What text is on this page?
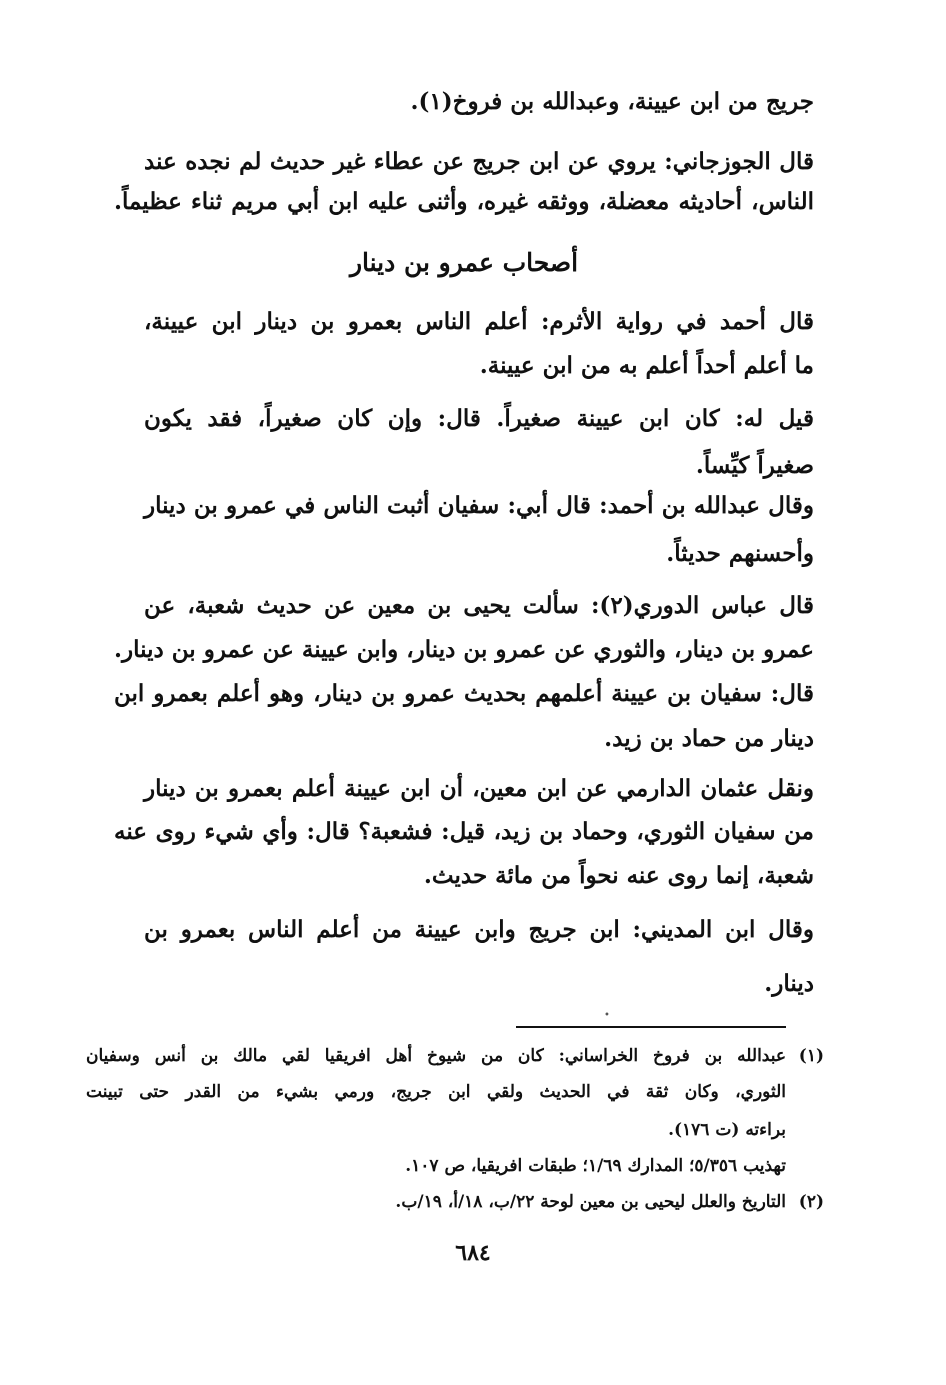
جريج من ابن عيينة، وعبدالله بن فروخ(١).
قال الجوزجاني: يروي عن ابن جريج عن عطاء غير حديث لم نجده عند
الناس، أحاديثه معضلة، ووثقه غيره، وأثنى عليه ابن أبي مريم ثناء عظيماً.
أصحاب عمرو بن دينار
قال أحمد في رواية الأثرم: أعلم الناس بعمرو بن دينار ابن عيينة،
ما أعلم أحداً أعلم به من ابن عيينة.
قيل له: كان ابن عيينة صغيراً. قال: وإن كان صغيراً، فقد يكون
صغيراً كيِّساً.
وقال عبدالله بن أحمد: قال أبي: سفيان أثبت الناس في عمرو بن دينار
وأحسنهم حديثاً.
قال عباس الدوري(٢): سألت يحيى بن معين عن حديث شعبة، عن
عمرو بن دينار، والثوري عن عمرو بن دينار، وابن عيينة عن عمرو بن دينار.
قال: سفيان بن عيينة أعلمهم بحديث عمرو بن دينار، وهو أعلم بعمرو ابن
دينار من حماد بن زيد.
ونقل عثمان الدارمي عن ابن معين، أن ابن عيينة أعلم بعمرو بن دينار
من سفيان الثوري، وحماد بن زيد، قيل: فشعبة؟ قال: وأي شيء روى عنه
شعبة، إنما روى عنه نحواً من مائة حديث.
وقال ابن المديني: ابن جريج وابن عيينة من أعلم الناس بعمرو بن
دينار.
•
(١)
عبدالله بن فروخ الخراساني: كان من شيوخ أهل افريقيا لقي مالك بن أنس وسفيان
الثوري، وكان ثقة في الحديث ولقي ابن جريج، ورمي بشيء من القدر حتى تبينت
براءته (ت ١٧٦).
تهذيب ٥/٣٥٦؛ المدارك ١/٦٩؛ طبقات افريقيا، ص ١٠٧.
(٢)
التاريخ والعلل ليحيى بن معين لوحة ٢٢/ب، ١٨/أ، ١٩/ب.
٦٨٤
